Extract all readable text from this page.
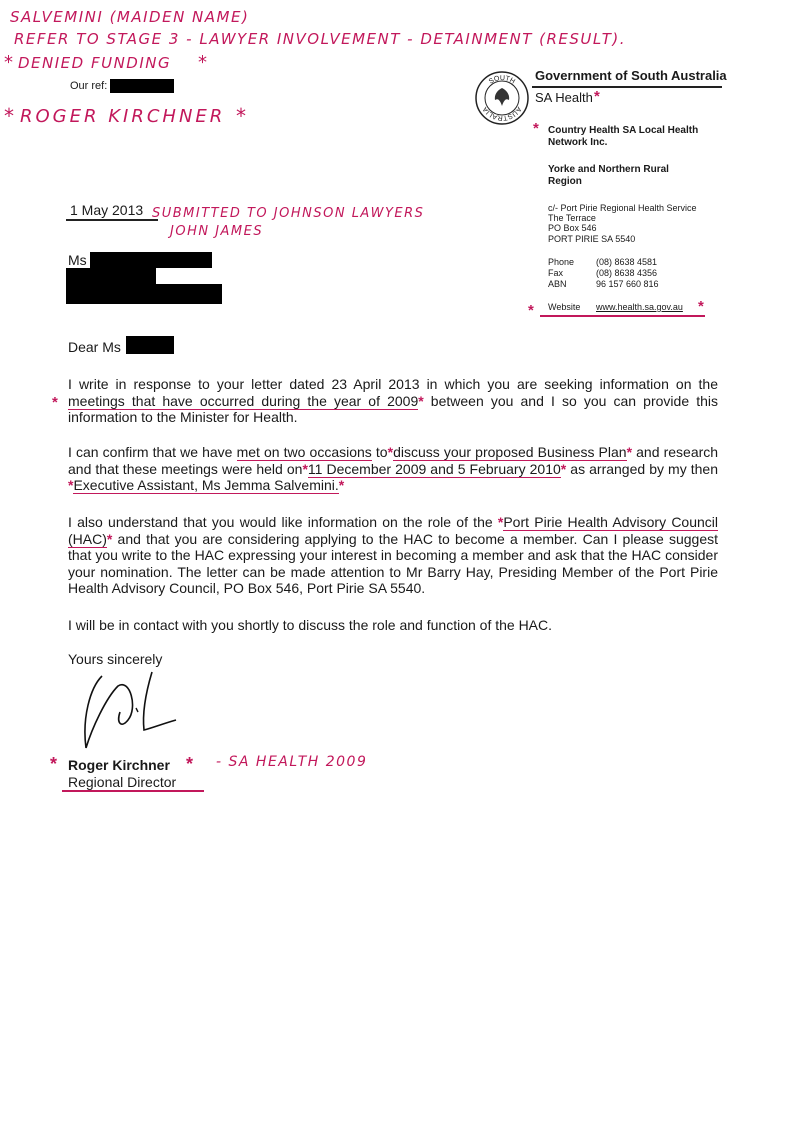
SALVEMINI (MAIDEN NAME)
REFER TO STAGE 3 - LAWYER INVOLVEMENT - DETAINMENT (RESULT).
* DENIED FUNDING *
* ROGER KIRCHNER *
Our ref:	SOUTH
AUSTRALIA
Government of South Australia
SA Health *
* Country Health SA Local Health Network Inc.
Yorke and Northern Rural Region
c/- Port Pirie Regional Health Service
The Terrace
PO Box 546
PORT PIRIE SA 5540
Phone (08) 8638 4581
Fax	(08) 8638 4356
ABN	96 157 660 816
* Website www.health.sa.gov.au *
1 May 2013 SUBMITTED TO JOHNSON LAWYERS
JOHN JAMES
Ms
Dear Ms
I write in response to your letter dated 23 April 2013 in which you are seeking information on the meetings that have occurred during the year of 2009* between you and I so you can provide this information to the Minister for Health.
*
I can confirm that we have met on two occasions to*discuss your proposed Business Plan* and research and that these meetings were held on*11 December 2009 and 5 February 2010* as arranged by my then *Executive Assistant, Ms Jemma Salvemini.*
I also understand that you would like information on the role of the *Port Pirie Health Advisory Council (HAC)* and that you are considering applying to the HAC to become a member. Can I please suggest that you write to the HAC expressing your interest in becoming a member and ask that the HAC consider your nomination. The letter can be made attention to Mr Barry Hay, Presiding Member of the Port Pirie Health Advisory Council, PO Box 546, Port Pirie SA 5540.
I will be in contact with you shortly to discuss the role and function of the HAC.
Yours sincerely
* Roger Kirchner * - SA HEALTH 2009
Regional Director
